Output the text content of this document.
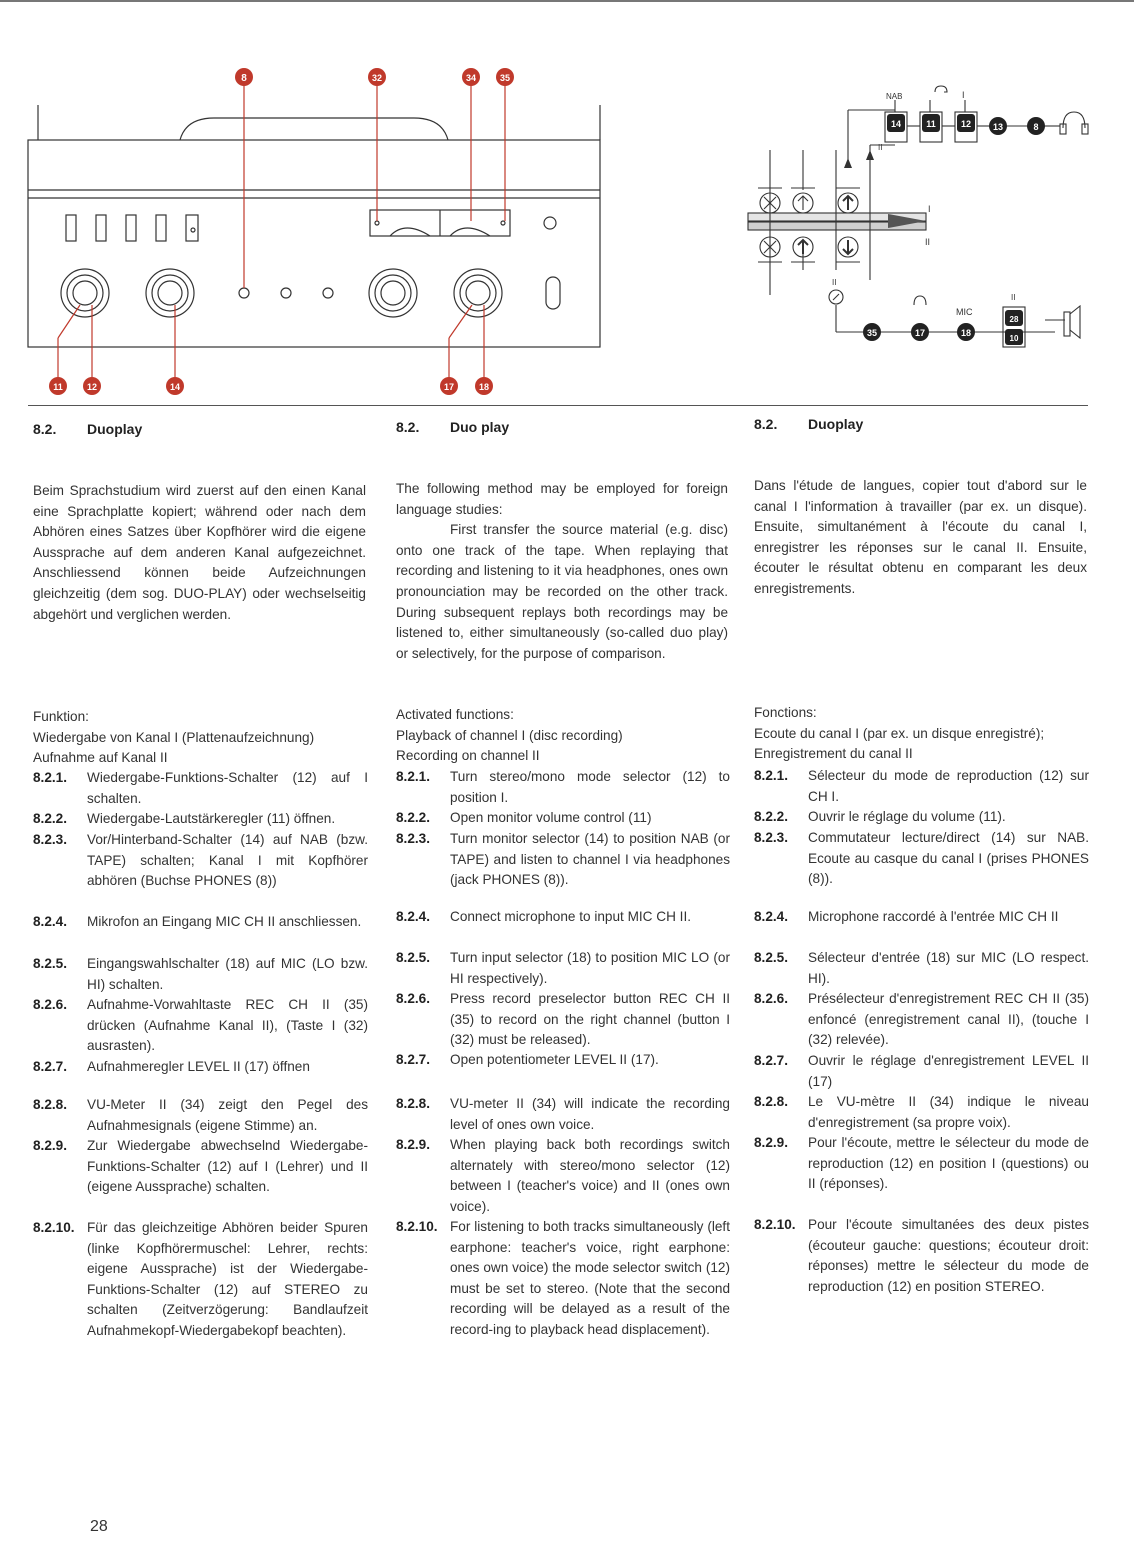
8	32	34	35
11	12	14	17	18
NAB	I
II
I
II
II
MIC
II
14	11	12 13	8
35	17	18
28
10
8.2. Duoplay	8.2. Duo play	8.2. Duoplay

Beim Sprachstudium wird zuerst auf den einen Kanal eine Sprachplatte kopiert; während oder nach dem Abhören eines Satzes über Kopfhörer wird die eigene Aussprache auf dem anderen Kanal aufgezeichnet. Anschliessend können beide Aufzeichnungen gleichzeitig (dem sog. DUO-PLAY) oder wechselseitig abgehört und verglichen werden.

The following method may be employed for foreign language studies:

First transfer the source material (e.g. disc) onto one track of the tape. When replaying that recording and listening to it via headphones, ones own pronounciation may be recorded on the other track. During subsequent replays both recordings may be listened to, either simultaneously (so-called duo play) or selectively, for the purpose of comparison.

Dans l'étude de langues, copier tout d'abord sur le canal I l'information à travailler (par ex. un disque). Ensuite, simultanément à l'écoute du canal I, enregistrer les réponses sur le canal II. Ensuite, écouter le résultat obtenu en comparant les deux enregistrements.

Funktion:
Wiedergabe von Kanal I (Plattenaufzeichnung)
Aufnahme auf Kanal II
Activated functions:
Playback of channel I (disc recording)
Recording on channel II
Fonctions:
Ecoute du canal I (par ex. un disque enregistré);
Enregistrement du canal II
8.2.1. Wiedergabe-Funktions-Schalter (12) auf I schalten.
8.2.2. Wiedergabe-Lautstärkeregler (11) öffnen.
8.2.3. Vor/Hinterband-Schalter (14) auf NAB (bzw. TAPE) schalten; Kanal I mit Kopfhörer abhören (Buchse PHONES (8))
8.2.4. Mikrofon an Eingang MIC CH II anschliessen.
8.2.5. Eingangswahlschalter (18) auf MIC (LO bzw. HI) schalten.
8.2.6. Aufnahme-Vorwahltaste REC CH II (35) drücken (Aufnahme Kanal II), (Taste I (32) ausrasten).
8.2.7. Aufnahmeregler LEVEL II (17) öffnen
8.2.8. VU-Meter II (34) zeigt den Pegel des Aufnahmesignals (eigene Stimme) an.
8.2.9. Zur Wiedergabe abwechselnd Wiedergabe-Funktions-Schalter (12) auf I (Lehrer) und II (eigene Aussprache) schalten.
8.2.10. Für das gleichzeitige Abhören beider Spuren (linke Kopfhörermuschel: Lehrer, rechts: eigene Aussprache) ist der Wiedergabe-Funktions-Schalter (12) auf STEREO zu schalten (Zeitverzögerung: Bandlaufzeit Aufnahmekopf-Wiedergabekopf beachten).
8.2.1. Turn stereo/mono mode selector (12) to position I.
8.2.2. Open monitor volume control (11)
8.2.3. Turn monitor selector (14) to position NAB (or TAPE) and listen to channel I via headphones (jack PHONES (8)).
8.2.4. Connect microphone to input MIC CH II.
8.2.5. Turn input selector (18) to position MIC LO (or HI respectively).
8.2.6. Press record preselector button REC CH II (35) to record on the right channel (button I (32) must be released).
8.2.7. Open potentiometer LEVEL II (17).
8.2.8. VU-meter II (34) will indicate the recording level of ones own voice.
8.2.9. When playing back both recordings switch alternately with stereo/mono selector (12) between I (teacher's voice) and II (ones own voice).
8.2.10. For listening to both tracks simultaneously (left earphone: teacher's voice, right earphone: ones own voice) the mode selector switch (12) must be set to stereo. (Note that the second recording will be delayed as a result of the record-ing to playback head displacement).
8.2.1. Sélecteur du mode de reproduction (12) sur CH I.
8.2.2. Ouvrir le réglage du volume (11).
8.2.3. Commutateur lecture/direct (14) sur NAB. Ecoute au casque du canal I (prises PHONES (8)).
8.2.4. Microphone raccordé à l'entrée MIC CH II
8.2.5. Sélecteur d'entrée (18) sur MIC (LO respect. HI).
8.2.6. Présélecteur d'enregistrement REC CH II (35) enfoncé (enregistrement canal II), (touche I (32) relevée).
8.2.7. Ouvrir le réglage d'enregistrement LEVEL II (17)
8.2.8. Le VU-mètre II (34) indique le niveau d'enregistrement (sa propre voix).
8.2.9. Pour l'écoute, mettre le sélecteur du mode de reproduction (12) en position I (questions) ou II (réponses).
8.2.10. Pour l'écoute simultanées des deux pistes (écouteur gauche: questions; écouteur droit: réponses) mettre le sélecteur du mode de reproduction (12) en position STEREO.
28
